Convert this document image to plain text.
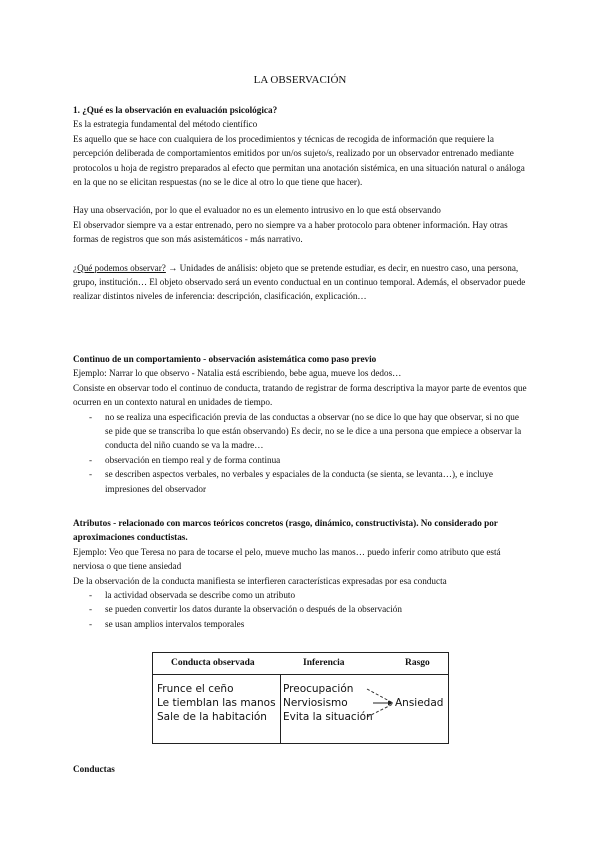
LA OBSERVACIÓN

1. ¿Qué es la observación en evaluación psicológica?

Es la estrategia fundamental del método científico

Es aquello que se hace con cualquiera de los procedimientos y técnicas de recogida de información que requiere la percepción deliberada de comportamientos emitidos por un/os sujeto/s, realizado por un observador entrenado mediante protocolos u hoja de registro preparados al efecto que permitan una anotación sistémica, en una situación natural o análoga en la que no se elicitan respuestas (no se le dice al otro lo que tiene que hacer).

Hay una observación, por lo que el evaluador no es un elemento intrusivo en lo que está observando

El observador siempre va a estar entrenado, pero no siempre va a haber protocolo para obtener información. Hay otras formas de registros que son más asistemáticos - más narrativo.

¿Qué podemos observar? → Unidades de análisis: objeto que se pretende estudiar, es decir, en nuestro caso, una persona, grupo, institución… El objeto observado será un evento conductual en un continuo temporal. Además, el observador puede realizar distintos niveles de inferencia: descripción, clasificación, explicación…

Continuo de un comportamiento - observación asistemática como paso previo

Ejemplo: Narrar lo que observo - Natalia está escribiendo, bebe agua, mueve los dedos…

Consiste en observar todo el continuo de conducta, tratando de registrar de forma descriptiva la mayor parte de eventos que ocurren en un contexto natural en unidades de tiempo.

- no se realiza una especificación previa de las conductas a observar (no se dice lo que hay que observar, si no que se pide que se transcriba lo que están observando) Es decir, no se le dice a una persona que empiece a observar la conducta del niño cuando se va la madre…
- observación en tiempo real y de forma continua
- se describen aspectos verbales, no verbales y espaciales de la conducta (se sienta, se levanta…), e incluye impresiones del observador

Atributos - relacionado con marcos teóricos concretos (rasgo, dinámico, constructivista). No considerado por aproximaciones conductistas.

Ejemplo: Veo que Teresa no para de tocarse el pelo, mueve mucho las manos… puedo inferir como atributo que está nerviosa o que tiene ansiedad

De la observación de la conducta manifiesta se interfieren características expresadas por esa conducta

- la actividad observada se describe como un atributo
- se pueden convertir los datos durante la observación o después de la observación
- se usan amplios intervalos temporales
Conducta observada	Inferencia	Rasgo
Frunce el ceño
Le tiemblan las manos
Sale de la habitación
Preocupación
Nerviosismo
Evita la situación
Ansiedad

Conductas
